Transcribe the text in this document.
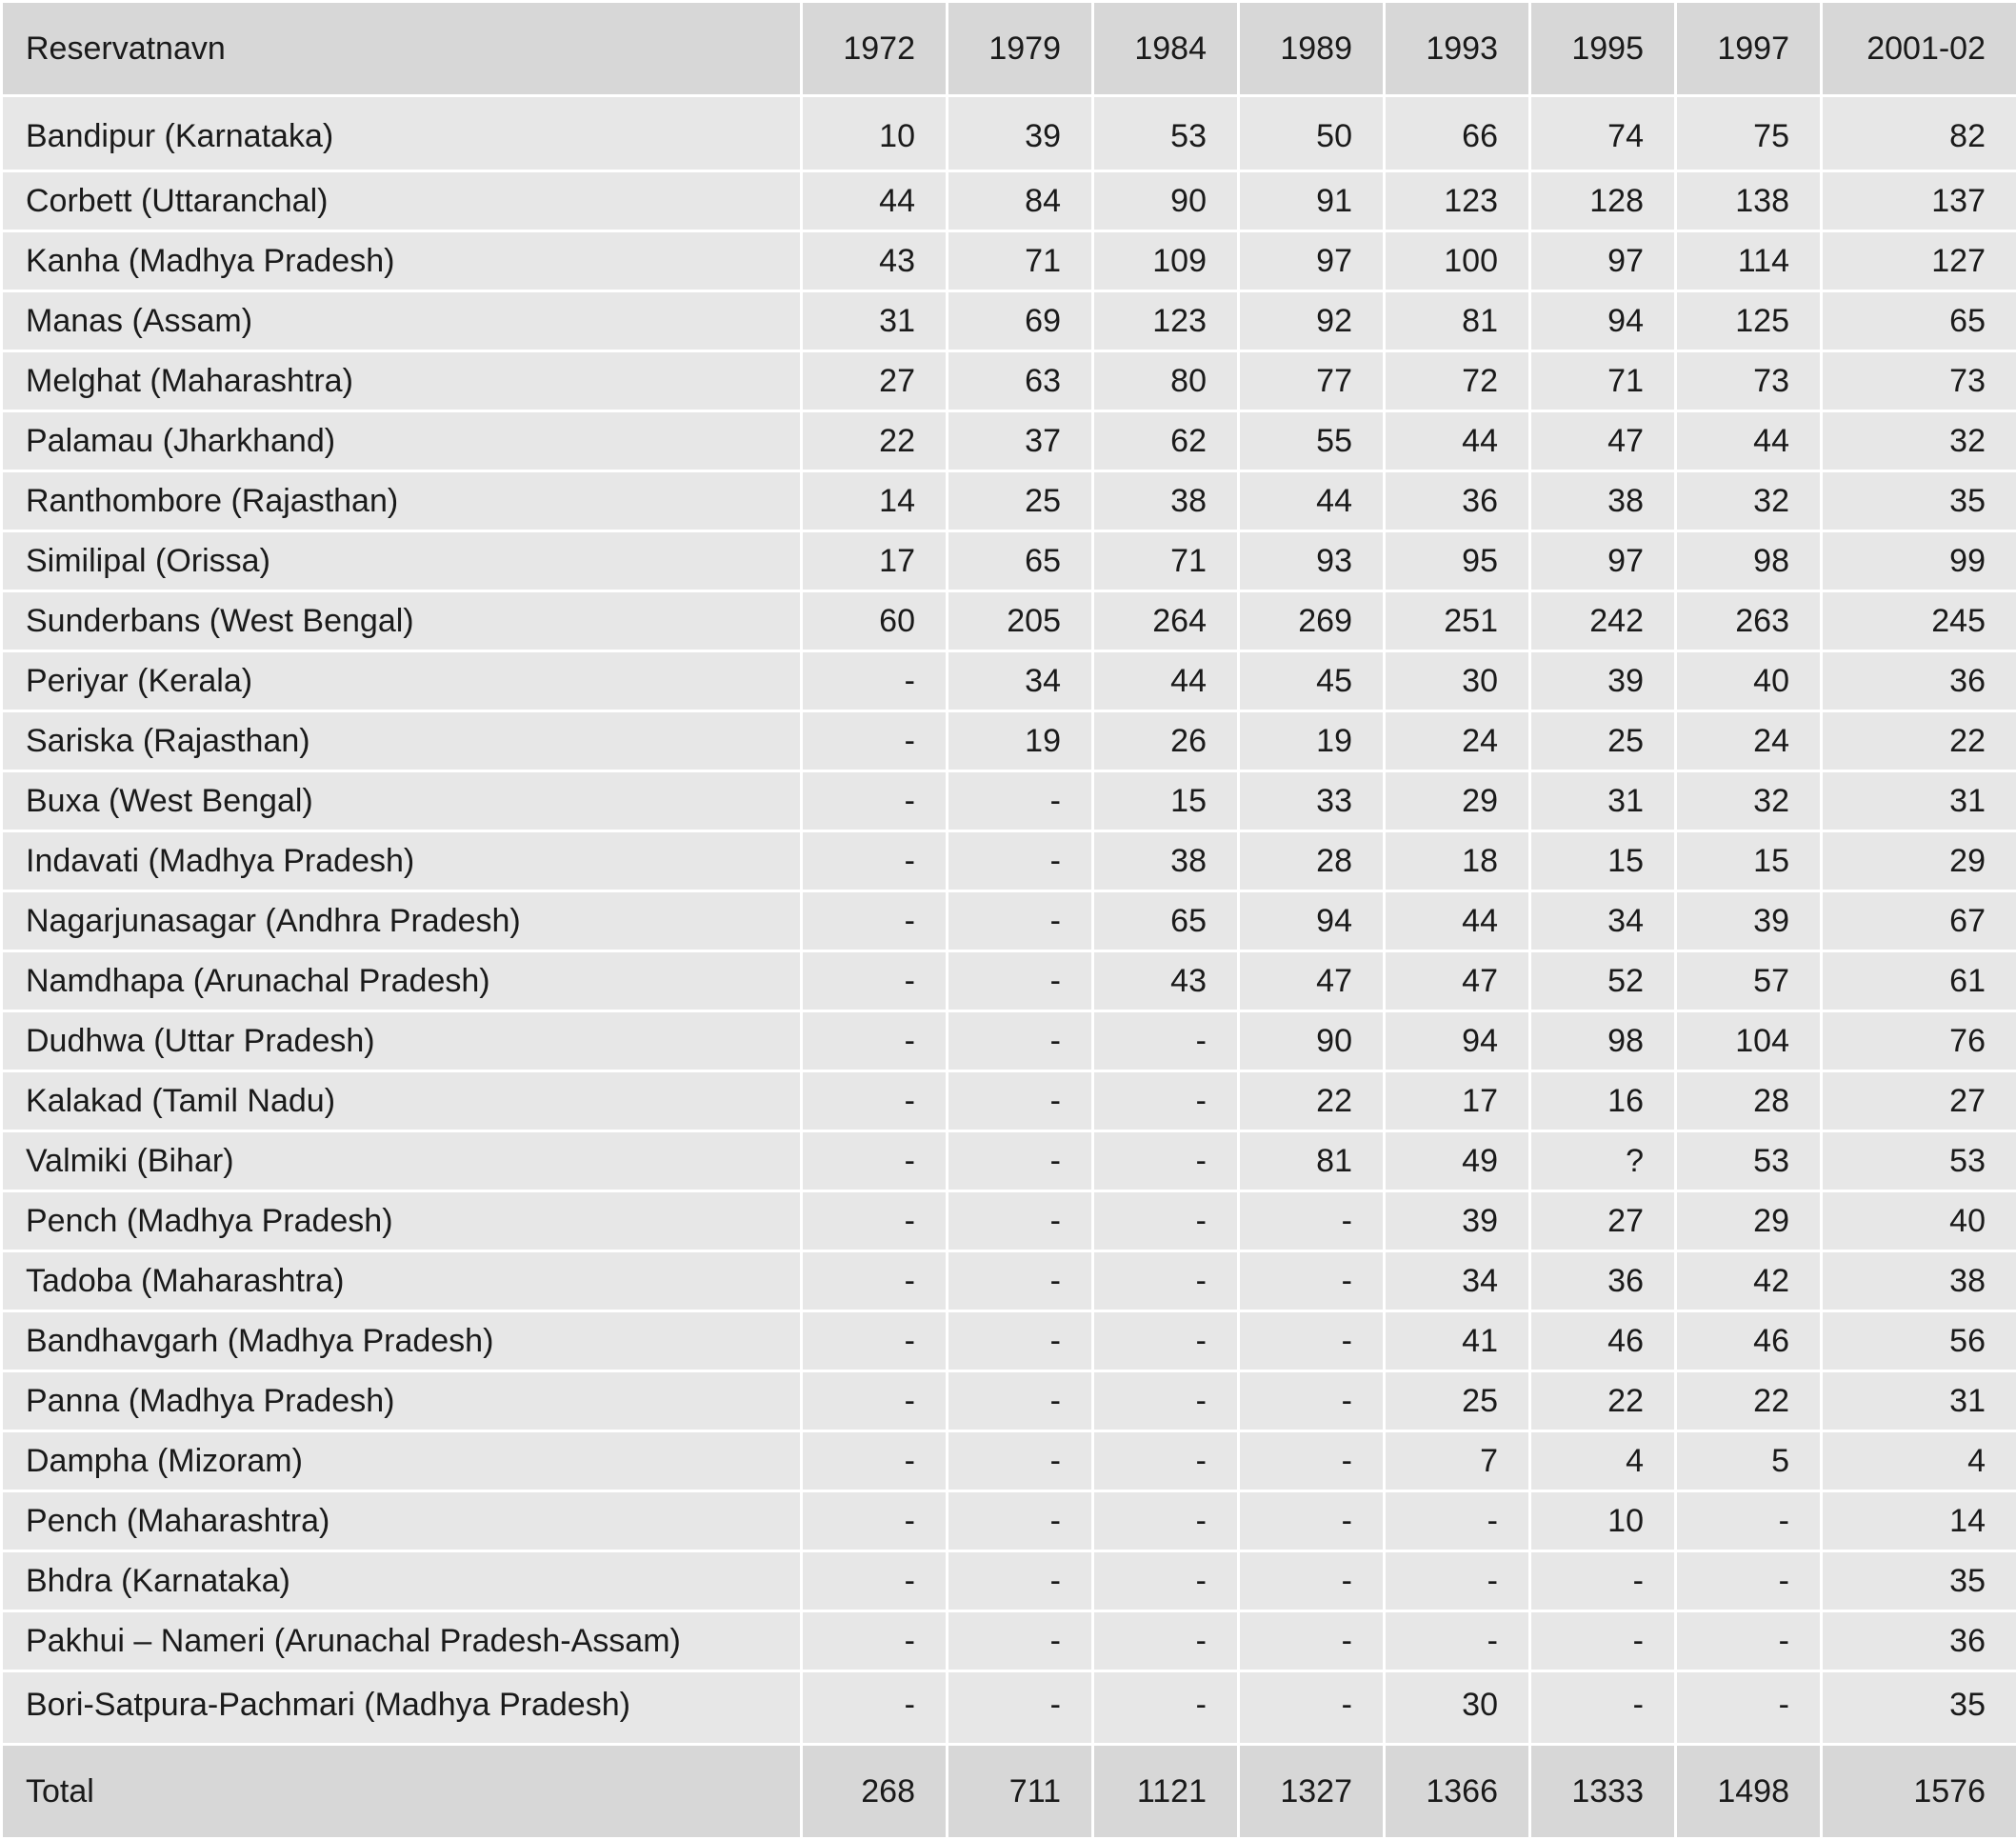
Reservatnavn	1972	1979	1984	1989	1993	1995	1997	2001-02
Bandipur (Karnataka)	10	39	53	50	66	74	75	82
Corbett (Uttaranchal)	44	84	90	91	123	128	138	137
Kanha (Madhya Pradesh)	43	71	109	97	100	97	114	127
Manas (Assam)	31	69	123	92	81	94	125	65
Melghat (Maharashtra)	27	63	80	77	72	71	73	73
Palamau (Jharkhand)	22	37	62	55	44	47	44	32
Ranthombore (Rajasthan)	14	25	38	44	36	38	32	35
Similipal (Orissa)	17	65	71	93	95	97	98	99
Sunderbans (West Bengal)	60	205	264	269	251	242	263	245
Periyar (Kerala)	-	34	44	45	30	39	40	36
Sariska (Rajasthan)	-	19	26	19	24	25	24	22
Buxa (West Bengal)	-	-	15	33	29	31	32	31
Indavati (Madhya Pradesh)	-	-	38	28	18	15	15	29
Nagarjunasagar (Andhra Pradesh)	-	-	65	94	44	34	39	67
Namdhapa (Arunachal Pradesh)	-	-	43	47	47	52	57	61
Dudhwa (Uttar Pradesh)	-	-	-	90	94	98	104	76
Kalakad (Tamil Nadu)	-	-	-	22	17	16	28	27
Valmiki (Bihar)	-	-	-	81	49	?	53	53
Pench (Madhya Pradesh)	-	-	-	-	39	27	29	40
Tadoba (Maharashtra)	-	-	-	-	34	36	42	38
Bandhavgarh (Madhya Pradesh)	-	-	-	-	41	46	46	56
Panna (Madhya Pradesh)	-	-	-	-	25	22	22	31
Dampha (Mizoram)	-	-	-	-	7	4	5	4
Pench (Maharashtra)	-	-	-	-	-	10	-	14
Bhdra (Karnataka)	-	-	-	-	-	-	-	35
Pakhui – Nameri (Arunachal Pradesh-Assam)	-	-	-	-	-	-	-	36
Bori-Satpura-Pachmari (Madhya Pradesh)	-	-	-	-	30	-	-	35
Total	268	711	1121	1327	1366	1333	1498	1576
